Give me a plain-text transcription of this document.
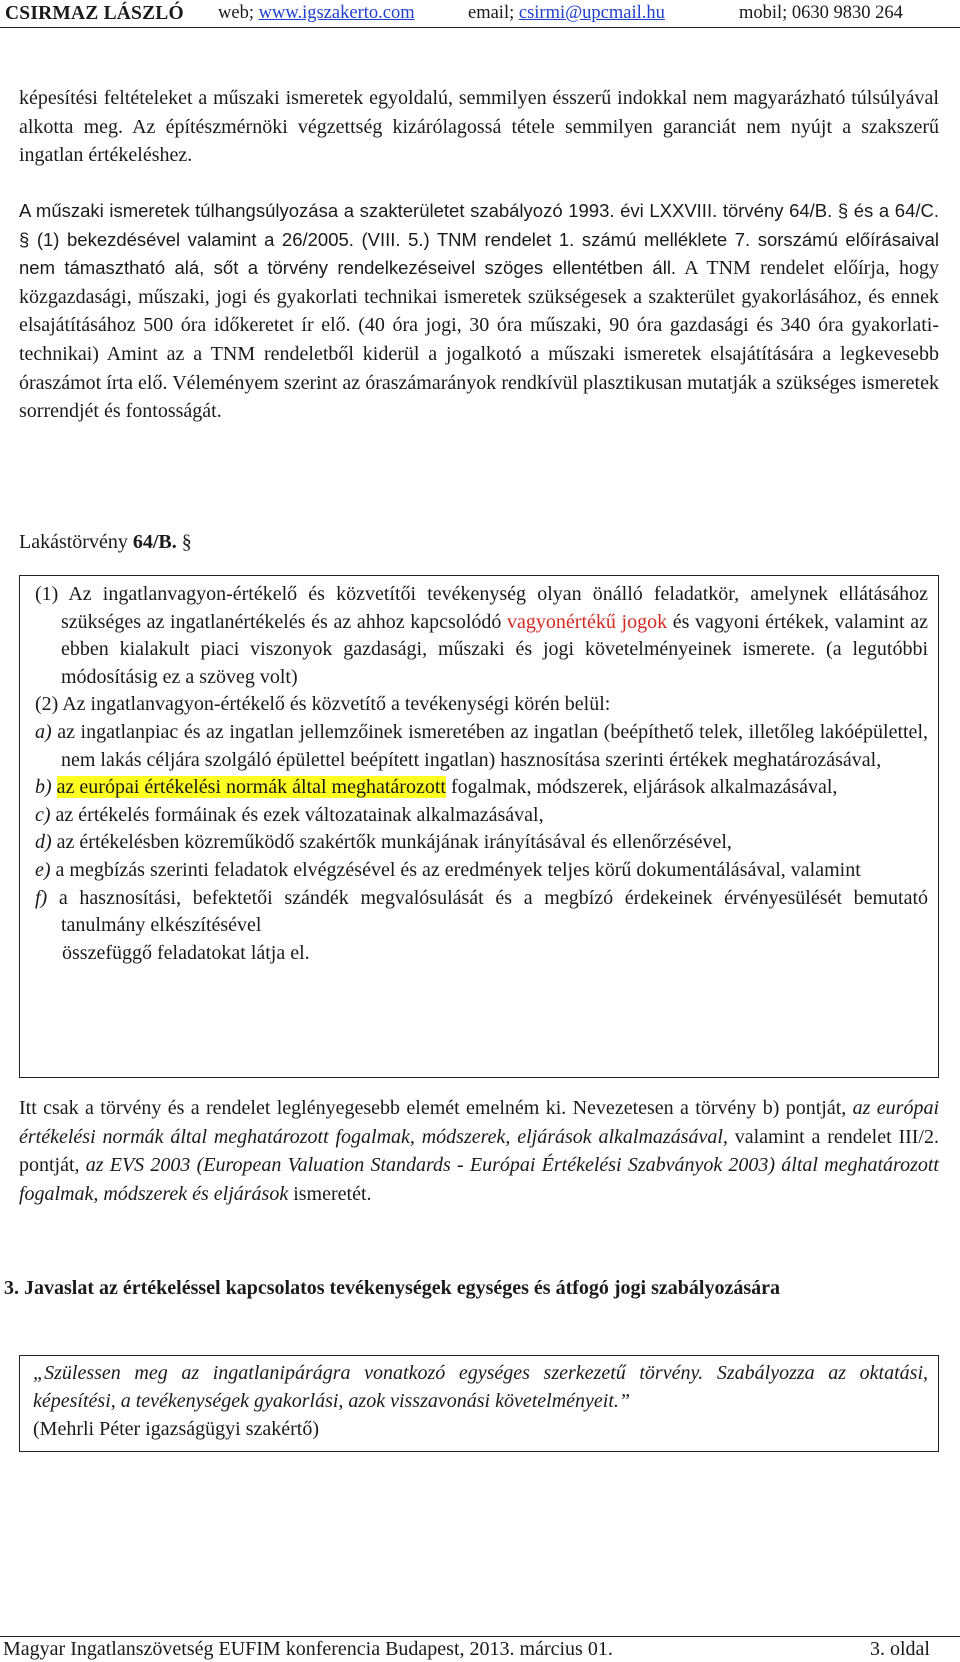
CSIRMAZ LÁSZLÓ web; www.igszakerto.com	email; csirmi@upcmail.hu	mobil; 0630 9830 264

képesítési feltételeket a műszaki ismeretek egyoldalú, semmilyen ésszerű indokkal nem magyarázható túlsúlyával alkotta meg. Az építészmérnöki végzettség kizárólagossá tétele semmilyen garanciát nem nyújt a szakszerű ingatlan értékeléshez.

A műszaki ismeretek túlhangsúlyozása a szakterületet szabályozó 1993. évi LXXVIII. törvény 64/B. § és a 64/C. § (1) bekezdésével valamint a 26/2005. (VIII. 5.) TNM rendelet 1. számú melléklete 7. sorszámú előírásaival nem támasztható alá, sőt a törvény rendelkezéseivel szöges ellentétben áll. A TNM rendelet előírja, hogy közgazdasági, műszaki, jogi és gyakorlati technikai ismeretek szükségesek a szakterület gyakorlásához, és ennek elsajátításához 500 óra időkeretet ír elő. (40 óra jogi, 30 óra műszaki, 90 óra gazdasági és 340 óra gyakorlati-technikai) Amint az a TNM rendeletből kiderül a jogalkotó a műszaki ismeretek elsajátítására a legkevesebb óraszámot írta elő. Véleményem szerint az óraszámarányok rendkívül plasztikusan mutatják a szükséges ismeretek sorrendjét és fontosságát.

Lakástörvény 64/B. §

(1) Az ingatlanvagyon-értékelő és közvetítői tevékenység olyan önálló feladatkör, amelynek ellátásához szükséges az ingatlanértékelés és az ahhoz kapcsolódó vagyonértékű jogok és vagyoni értékek, valamint az ebben kialakult piaci viszonyok gazdasági, műszaki és jogi követelményeinek ismerete. (a legutóbbi módosításig ez a szöveg volt)

(2) Az ingatlanvagyon-értékelő és közvetítő a tevékenységi körén belül:

a) az ingatlanpiac és az ingatlan jellemzőinek ismeretében az ingatlan (beépíthető telek, illetőleg lakóépülettel, nem lakás céljára szolgáló épülettel beépített ingatlan) hasznosítása szerinti értékek meghatározásával,

b) az európai értékelési normák által meghatározott fogalmak, módszerek, eljárások alkalmazásával,

c) az értékelés formáinak és ezek változatainak alkalmazásával,

d) az értékelésben közreműködő szakértők munkájának irányításával és ellenőrzésével,

e) a megbízás szerinti feladatok elvégzésével és az eredmények teljes körű dokumentálásával, valamint

f) a hasznosítási, befektetői szándék megvalósulását és a megbízó érdekeinek érvényesülését bemutató tanulmány elkészítésével

összefüggő feladatokat látja el.

Itt csak a törvény és a rendelet leglényegesebb elemét emelném ki. Nevezetesen a törvény b) pontját, az európai értékelési normák által meghatározott fogalmak, módszerek, eljárások alkalmazásával, valamint a rendelet III/2. pontját, az EVS 2003 (European Valuation Standards - Európai Értékelési Szabványok 2003) által meghatározott fogalmak, módszerek és eljárások ismeretét.

3. Javaslat az értékeléssel kapcsolatos tevékenységek egységes és átfogó jogi szabályozására

„Szülessen meg az ingatlanipárágra vonatkozó egységes szerkezetű törvény. Szabályozza az oktatási, képesítési, a tevékenységek gyakorlási, azok visszavonási követelményeit.”

(Mehrli Péter igazságügyi szakértő)

Magyar Ingatlanszövetség EUFIM konferencia Budapest, 2013. március 01.	3. oldal
